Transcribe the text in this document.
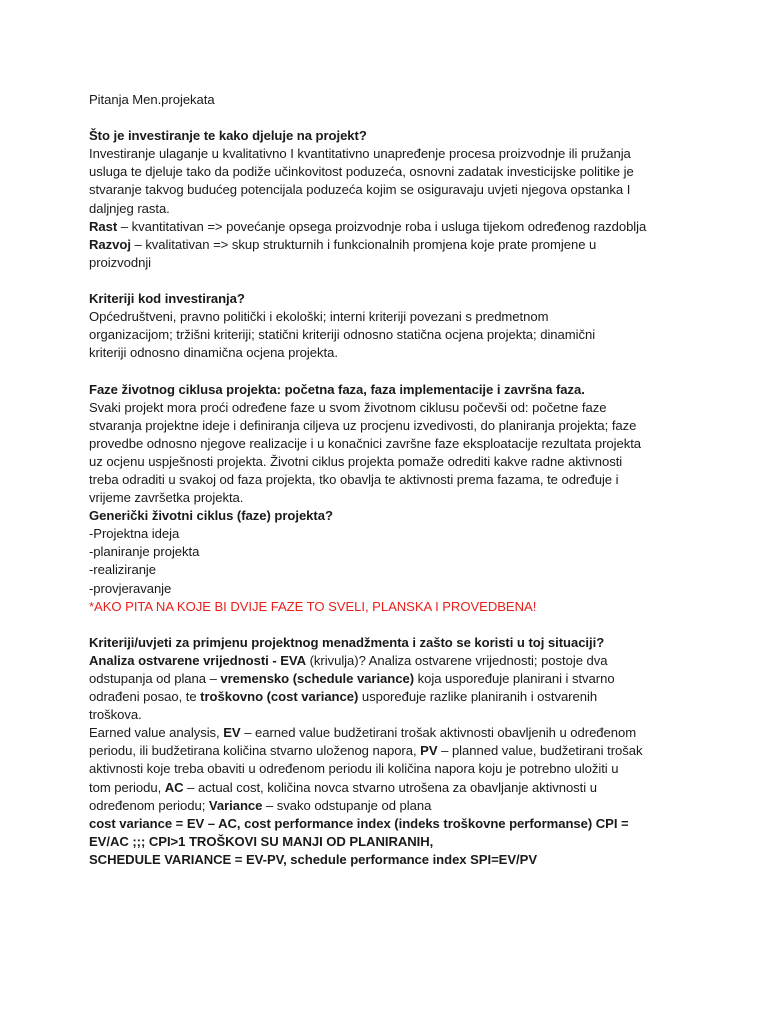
Pitanja Men.projekata
Što je investiranje te kako djeluje na projekt?
Investiranje ulaganje u kvalitativno I kvantitativno unapređenje procesa proizvodnje ili pružanja
usluga te djeluje tako da podiže učinkovitost poduzeća, osnovni zadatak investicijske politike je
stvaranje takvog budućeg potencijala poduzeća kojim se osiguravaju uvjeti njegova opstanka I
daljnjeg rasta.
Rast – kvantitativan => povećanje opsega proizvodnje roba i usluga tijekom određenog razdoblja
Razvoj – kvalitativan => skup strukturnih i funkcionalnih promjena koje prate promjene u
proizvodnji
Kriteriji kod investiranja?
Općedruštveni, pravno politički i ekološki; interni kriteriji povezani s predmetnom
organizacijom; tržišni kriteriji; statični kriteriji odnosno statična ocjena projekta; dinamični
kriteriji odnosno dinamična ocjena projekta.
Faze životnog ciklusa projekta: početna faza, faza implementacije i završna faza.
Svaki projekt mora proći određene faze u svom životnom ciklusu počevši od: početne faze
stvaranja projektne ideje i definiranja ciljeva uz procjenu izvedivosti, do planiranja projekta; faze
provedbe odnosno njegove realizacije i u konačnici završne faze eksploatacije rezultata projekta
uz ocjenu uspješnosti projekta. Životni ciklus projekta pomaže odrediti kakve radne aktivnosti
treba odraditi u svakoj od faza projekta, tko obavlja te aktivnosti prema fazama, te određuje i
vrijeme završetka projekta.
Generički životni ciklus (faze) projekta?
-Projektna ideja
-planiranje projekta
-realiziranje
-provjeravanje
*AKO PITA NA KOJE BI DVIJE FAZE TO SVELI, PLANSKA I PROVEDBENA!
Kriteriji/uvjeti za primjenu projektnog menadžmenta i zašto se koristi u toj situaciji?
Analiza ostvarene vrijednosti - EVA (krivulja)? Analiza ostvarene vrijednosti; postoje dva
odstupanja od plana – vremensko (schedule variance) koja uspoređuje planirani i stvarno
odrađeni posao, te troškovno (cost variance) uspoređuje razlike planiranih i ostvarenih
troškova.
Earned value analysis, EV – earned value budžetirani trošak aktivnosti obavljenih u određenom
periodu, ili budžetirana količina stvarno uloženog napora, PV – planned value, budžetirani trošak
aktivnosti koje treba obaviti u određenom periodu ili količina napora koju je potrebno uložiti u
tom periodu, AC – actual cost, količina novca stvarno utrošena za obavljanje aktivnosti u
određenom periodu; Variance – svako odstupanje od plana
cost variance = EV – AC, cost performance index (indeks troškovne performanse) CPI =
EV/AC ;;; CPI>1 TROŠKOVI SU MANJI OD PLANIRANIH,
SCHEDULE VARIANCE = EV-PV, schedule performance index SPI=EV/PV
